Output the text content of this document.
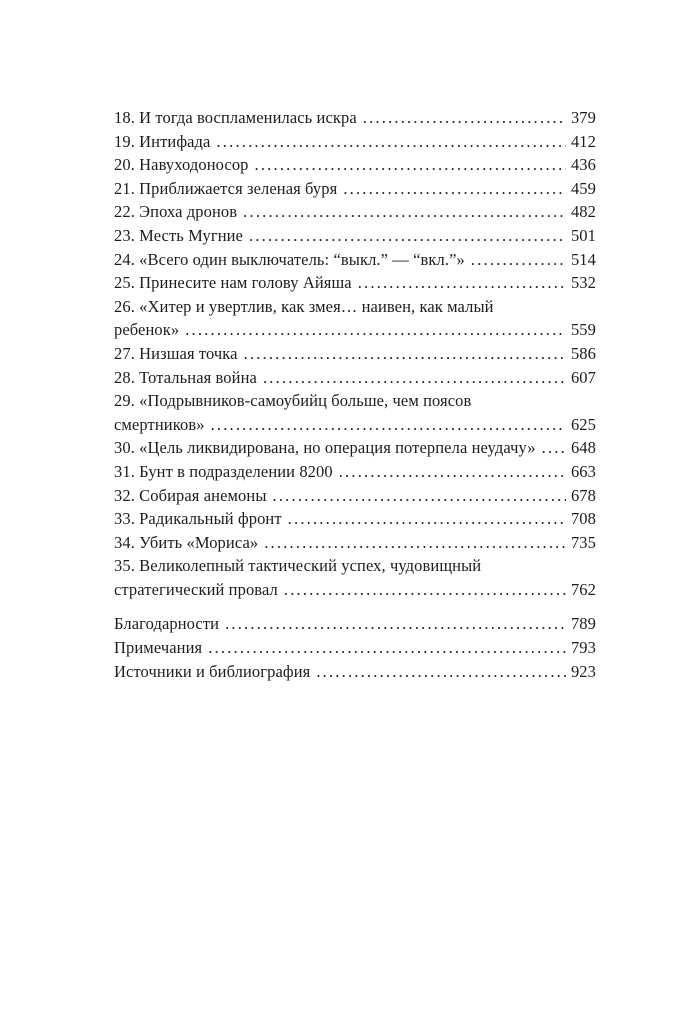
18. И тогда воспламенилась искра .....	379
19. Интифада .....	412
20. Навуходоносор .....	436
21. Приближается зеленая буря .....	459
22. Эпоха дронов .....	482
23. Месть Мугние .....	501
24. «Всего один выключатель: “выкл.” — “вкл.”» .....	514
25. Принесите нам голову Айяша .....	532
26. «Хитер и увертлив, как змея… наивен, как малый
ребенок» .....	559
27. Низшая точка .....	586
28. Тотальная война .....	607
29. «Подрывников-самоубийц больше, чем поясов
смертников» .....	625
30. «Цель ликвидирована, но операция потерпела неудачу» ..... 648
31. Бунт в подразделении 8200 .....	663
32. Собирая анемоны .....	678
33. Радикальный фронт .....	708
34. Убить «Мориса» .....	735
35. Великолепный тактический успех, чудовищный
стратегический провал .....	762
Благодарности .....	789
Примечания .....	793
Источники и библиография .....	923
